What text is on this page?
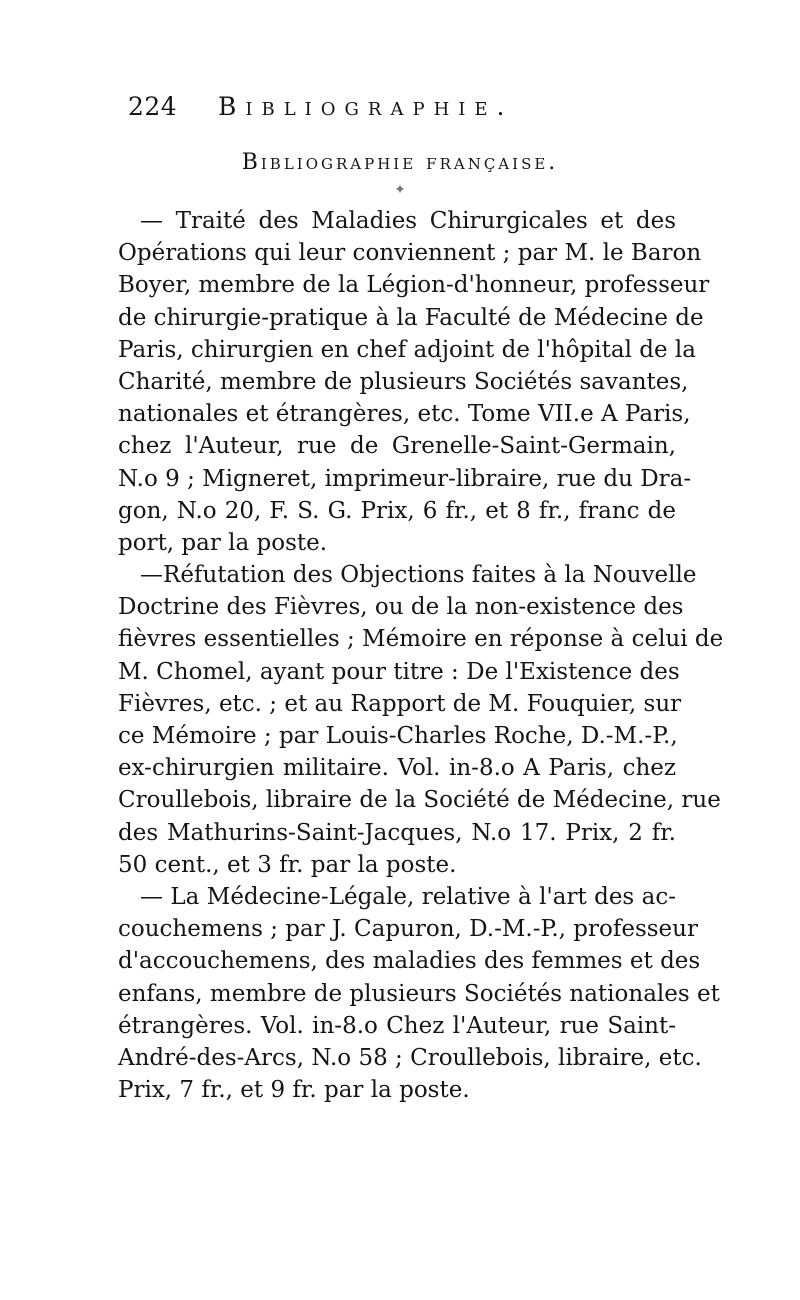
224 Bibliographie.
Bibliographie française.
✦
— Traité des Maladies Chirurgicales et des
Opérations qui leur conviennent ; par M. le Baron
Boyer, membre de la Légion-d'honneur, professeur
de chirurgie-pratique à la Faculté de Médecine de
Paris, chirurgien en chef adjoint de l'hôpital de la
Charité, membre de plusieurs Sociétés savantes,
nationales et étrangères, etc. Tome VII.e A Paris,
chez l'Auteur, rue de Grenelle-Saint-Germain,
N.o 9 ; Migneret, imprimeur-libraire, rue du Dra-
gon, N.o 20, F. S. G. Prix, 6 fr., et 8 fr., franc de
port, par la poste.
—Réfutation des Objections faites à la Nouvelle
Doctrine des Fièvres, ou de la non-existence des
fièvres essentielles ; Mémoire en réponse à celui de
M. Chomel, ayant pour titre : De l'Existence des
Fièvres, etc. ; et au Rapport de M. Fouquier, sur
ce Mémoire ; par Louis-Charles Roche, D.-M.-P.,
ex-chirurgien militaire. Vol. in-8.o A Paris, chez
Croullebois, libraire de la Société de Médecine, rue
des Mathurins-Saint-Jacques, N.o 17. Prix, 2 fr.
50 cent., et 3 fr. par la poste.
— La Médecine-Légale, relative à l'art des ac-
couchemens ; par J. Capuron, D.-M.-P., professeur
d'accouchemens, des maladies des femmes et des
enfans, membre de plusieurs Sociétés nationales et
étrangères. Vol. in-8.o Chez l'Auteur, rue Saint-
André-des-Arcs, N.o 58 ; Croullebois, libraire, etc.
Prix, 7 fr., et 9 fr. par la poste.
